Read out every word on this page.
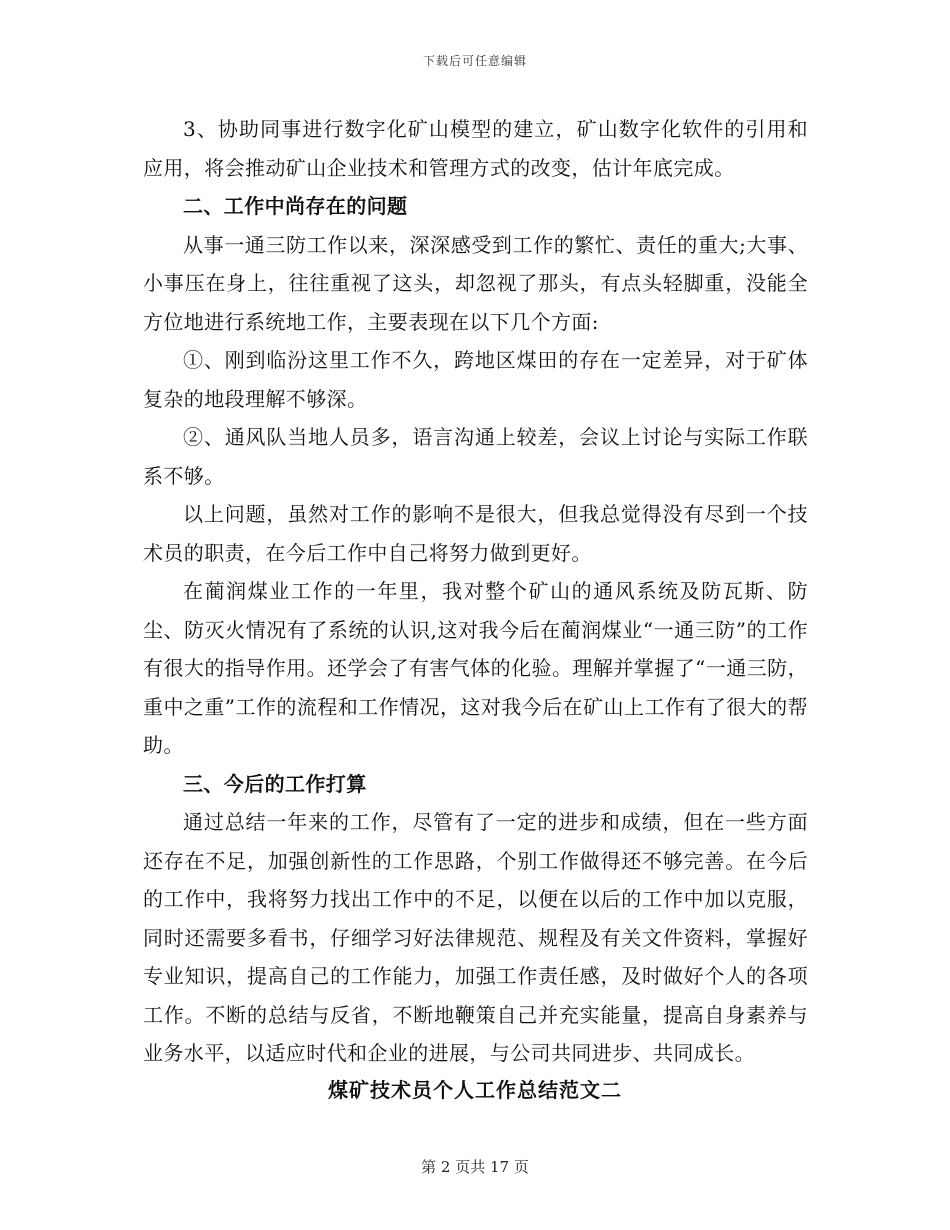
下载后可任意编辑

3、协助同事进行数字化矿山模型的建立，矿山数字化软件的引用和应用，将会推动矿山企业技术和管理方式的改变，估计年底完成。

二、工作中尚存在的问题

从事一通三防工作以来，深深感受到工作的繁忙、责任的重大;大事、小事压在身上，往往重视了这头，却忽视了那头，有点头轻脚重，没能全方位地进行系统地工作，主要表现在以下几个方面:

①、刚到临汾这里工作不久，跨地区煤田的存在一定差异，对于矿体复杂的地段理解不够深。

②、通风队当地人员多，语言沟通上较差，会议上讨论与实际工作联系不够。

以上问题，虽然对工作的影响不是很大，但我总觉得没有尽到一个技术员的职责，在今后工作中自己将努力做到更好。

在蔺润煤业工作的一年里，我对整个矿山的通风系统及防瓦斯、防尘、防灭火情况有了系统的认识,这对我今后在蔺润煤业“一通三防”的工作有很大的指导作用。还学会了有害气体的化验。理解并掌握了“一通三防，重中之重”工作的流程和工作情况，这对我今后在矿山上工作有了很大的帮助。

三、今后的工作打算

通过总结一年来的工作，尽管有了一定的进步和成绩，但在一些方面还存在不足，加强创新性的工作思路，个别工作做得还不够完善。在今后的工作中，我将努力找出工作中的不足，以便在以后的工作中加以克服，同时还需要多看书，仔细学习好法律规范、规程及有关文件资料，掌握好专业知识，提高自己的工作能力，加强工作责任感，及时做好个人的各项工作。不断的总结与反省，不断地鞭策自己并充实能量，提高自身素养与业务水平，以适应时代和企业的进展，与公司共同进步、共同成长。

煤矿技术员个人工作总结范文二
第 2 页共 17 页
